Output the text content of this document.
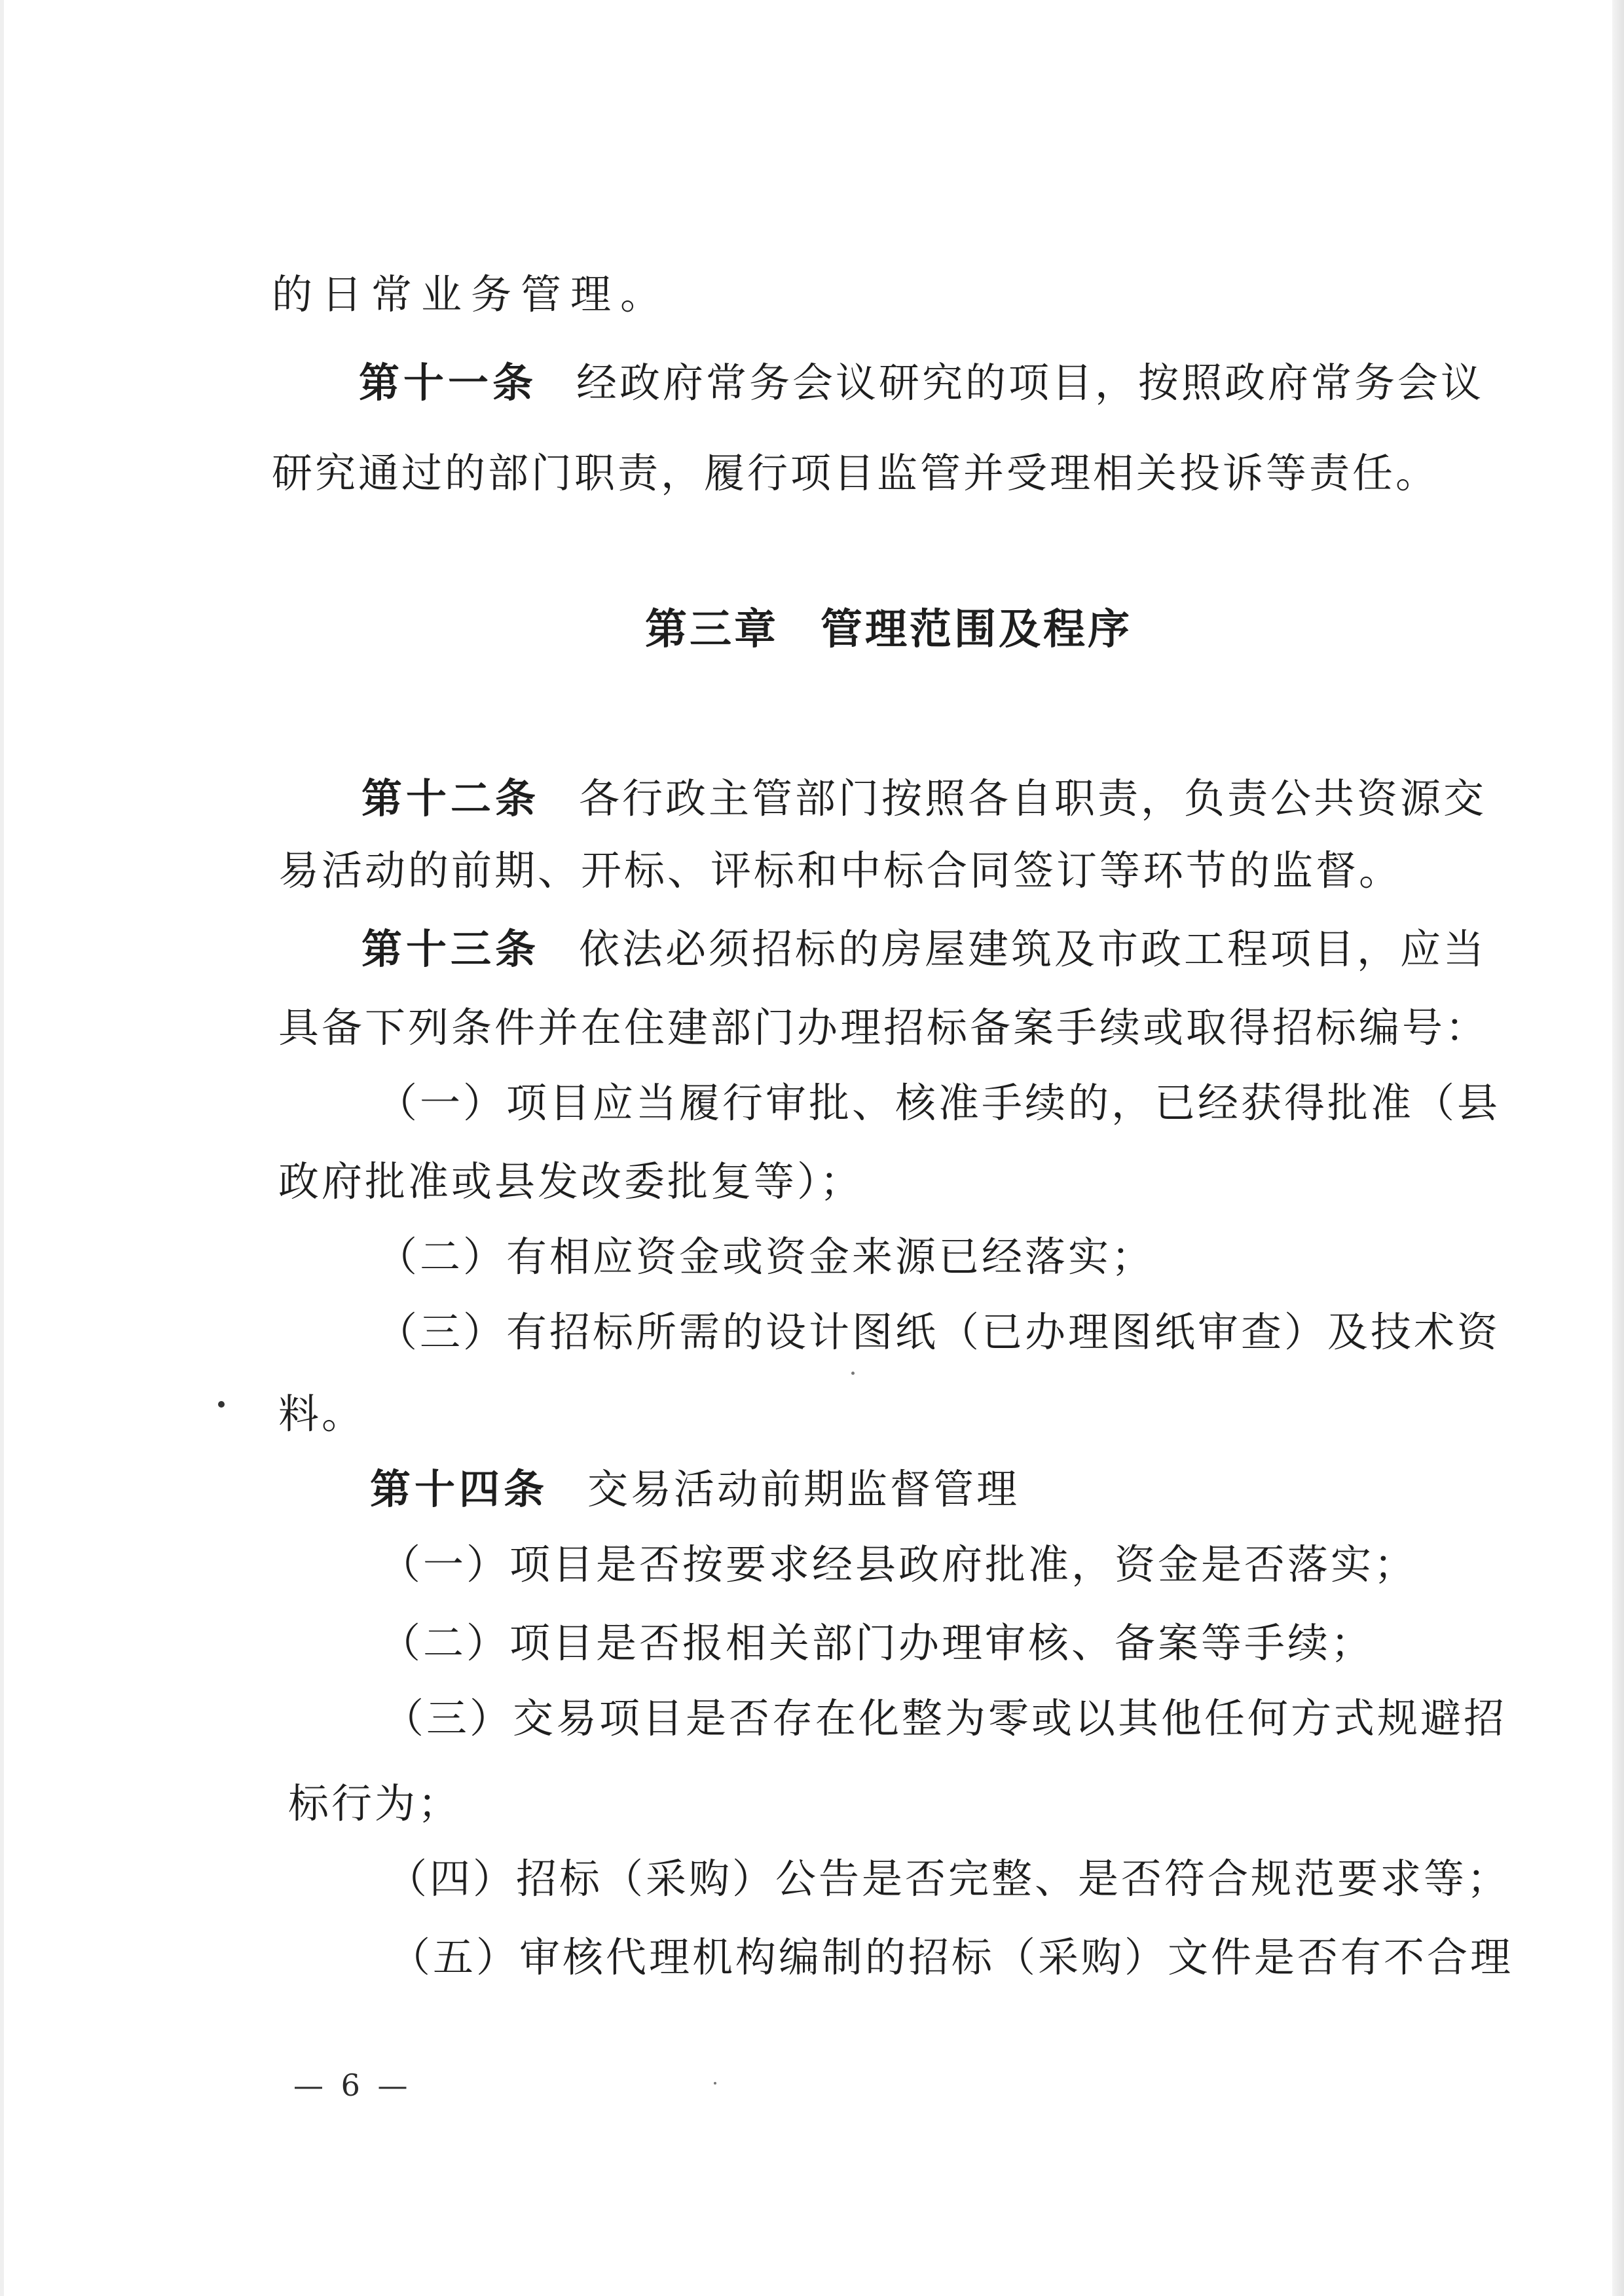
的日常业务管理。
第十一条 经政府常务会议研究的项目，按照政府常务会议
研究通过的部门职责，履行项目监管并受理相关投诉等责任。
第三章 管理范围及程序
第十二条 各行政主管部门按照各自职责，负责公共资源交
易活动的前期、开标、评标和中标合同签订等环节的监督。
第十三条 依法必须招标的房屋建筑及市政工程项目，应当
具备下列条件并在住建部门办理招标备案手续或取得招标编号：
（一）项目应当履行审批、核准手续的，已经获得批准（县
政府批准或县发改委批复等）；
（二）有相应资金或资金来源已经落实；
（三）有招标所需的设计图纸（已办理图纸审查）及技术资
料。
第十四条 交易活动前期监督管理
（一）项目是否按要求经县政府批准，资金是否落实；
（二）项目是否报相关部门办理审核、备案等手续；
（三）交易项目是否存在化整为零或以其他任何方式规避招
标行为；
（四）招标（采购）公告是否完整、是否符合规范要求等；
（五）审核代理机构编制的招标（采购）文件是否有不合理
— 6 —
